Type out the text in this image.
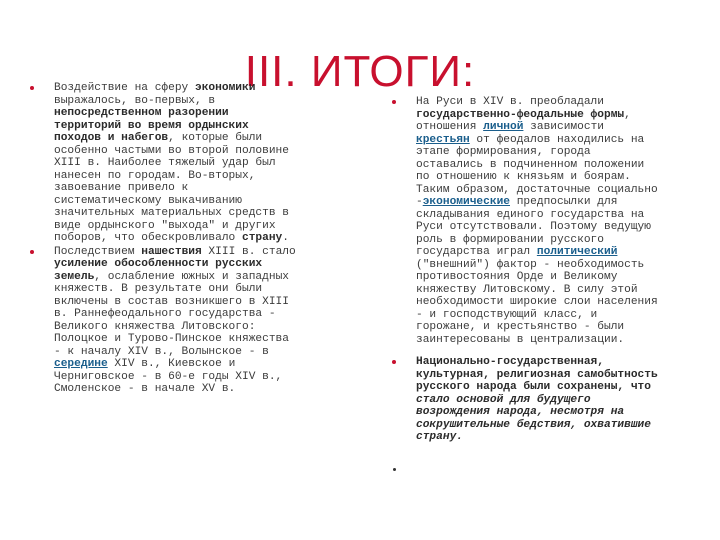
III. ИТОГИ:
Воздействие на сферу экономики
выражалось, во-первых, в
непосредственном разорении
территорий во время ордынских
походов и набегов, которые были
особенно частыми во второй половине
XIII в. Наиболее тяжелый удар был
нанесен по городам. Во-вторых,
завоевание привело к
систематическому выкачиванию
значительных материальных средств в
виде ордынского "выхода" и других
поборов, что обескровливало страну.
Последствием нашествия XIII в. стало
усиление обособленности русских
земель, ослабление южных и западных
княжеств. В результате они были
включены в состав возникшего в XIII
в. Раннефеодального государства -
Великого княжества Литовского:
Полоцкое и Турово-Пинское княжества
- к началу XIV в., Волынское - в
середине XIV в., Киевское и
Черниговское - в 60-е годы XIV в.,
Смоленское - в начале XV в.
На Руси в XIV в. преобладали
государственно-феодальные формы,
отношения личной зависимости
крестьян от феодалов находились на
этапе формирования, города
оставались в подчиненном положении
по отношению к князьям и боярам.
Таким образом, достаточные социально
-экономические предпосылки для
складывания единого государства на
Руси отсутствовали. Поэтому ведущую
роль в формировании русского
государства играл политический
("внешний") фактор - необходимость
противостояния Орде и Великому
княжеству Литовскому. В силу этой
необходимости широкие слои населения
- и господствующий класс, и
горожане, и крестьянство - были
заинтересованы в централизации.
Национально-государственная,
культурная, религиозная самобытность
русского народа были сохранены, что
стало основой для будущего
возрождения народа, несмотря на
сокрушительные бедствия, охватившие
страну.
